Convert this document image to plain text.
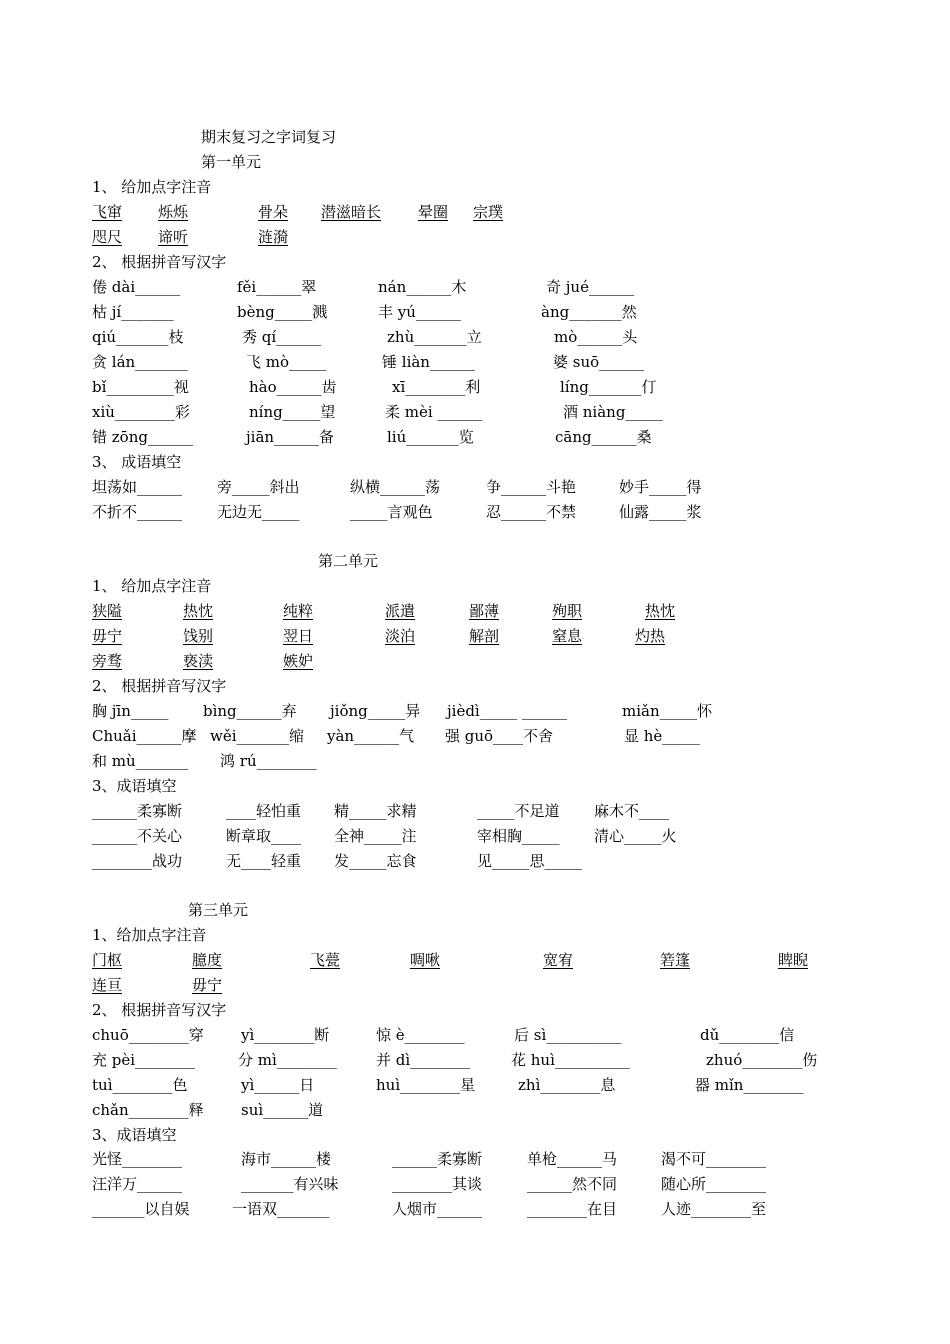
期末复习之字词复习
第一单元
1、 给加点字注音
飞窜 烁烁	骨朵 潜滋暗长 晕圈 宗璞
咫尺 谛听	涟漪
2、 根据拼音写汉字
倦 dài______	fěi______翠	nán______木	奇 jué______
枯 jí_______	bèng_____溅	丰 yú______	àng_______然
qiú_______枝	秀 qí______	zhù_______立	mò______头
贪 lán_______	飞 mò_____	锤 liàn______	婆 suō______
bǐ_________视	hào______齿	xī________利	líng_______仃
xiù________彩	níng_____望	柔 mèi ______	酒 niàng_____
错 zōng______	jiān______备	liú_______览	cāng______桑
3、 成语填空
坦荡如______ 旁_____斜出	纵横______荡	争______斗艳	妙手_____得
不折不______ 无边无_____	_____言观色	忍______不禁	仙露_____浆
第二单元
1、 给加点字注音
狭隘	热忱	纯粹	派遣	鄙薄	殉职	热忱
毋宁	饯别	翌日	淡泊	解剖	窒息	灼热
旁骛	亵渎	嫉妒
2、 根据拼音写汉字
胸 jīn_____ bìng______弃 jiǒng_____异 jièdì_____ ______	miǎn_____怀
Chuǎi______摩 wěi_______缩 yàn______气 强 guō____不舍	显 hè_____
和 mù_______ 鸿 rú________
3、成语填空
______柔寡断	____轻怕重 精_____求精	_____不足道 麻木不____
______不关心	断章取____ 全神_____注	宰相胸_____ 清心_____火
________战功	无____轻重 发_____忘食	见_____思_____
第三单元
1、给加点字注音
门枢	臆度	飞甍	啁啾	宽宥	箬篷	睥睨
连亘	毋宁
2、 根据拼音写汉字
chuō________穿 yì________断	惊 è________	后 sì__________	dǔ________信
充 pèi________	分 mì________	并 dì________	花 huì__________	zhuó________伤
tuì________色	yì______日	huì________星	zhì________息	器 mǐn________
chǎn________释 suì______道
3、成语填空
光怪________	海市______楼	______柔寡断	单枪______马	渴不可________
汪洋万______	_______有兴味	________其谈	______然不同	随心所________
_______以自娱	一语双_______	人烟市______	________在目	人迹________至
